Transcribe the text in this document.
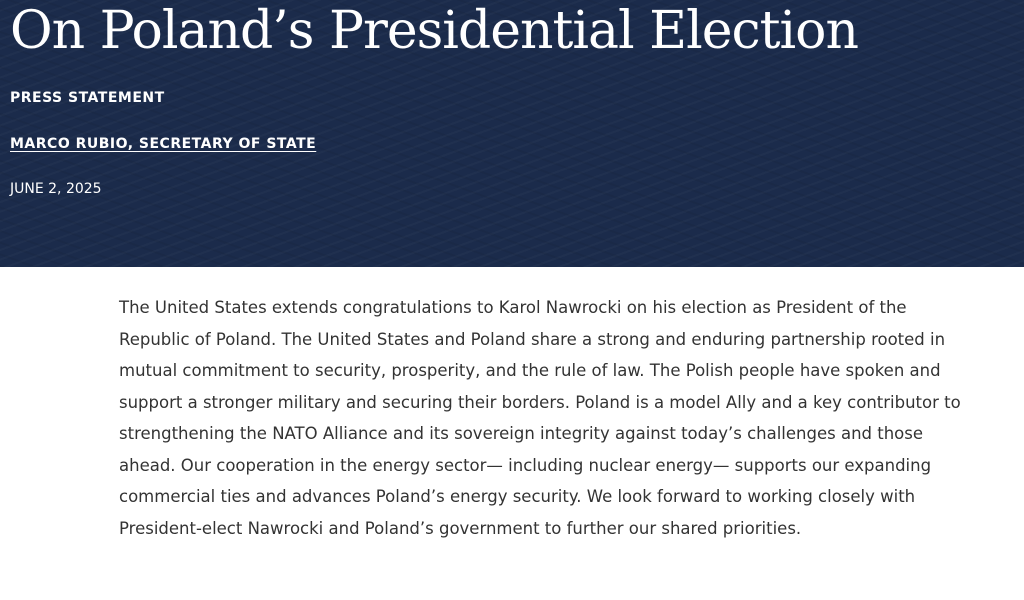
On Poland’s Presidential Election
PRESS STATEMENT
MARCO RUBIO, SECRETARY OF STATE
JUNE 2, 2025

The United States extends congratulations to Karol Nawrocki on his election as President of the Republic of Poland. The United States and Poland share a strong and enduring partnership rooted in mutual commitment to security, prosperity, and the rule of law. The Polish people have spoken and support a stronger military and securing their borders. Poland is a model Ally and a key contributor to strengthening the NATO Alliance and its sovereign integrity against today’s challenges and those ahead. Our cooperation in the energy sector— including nuclear energy— supports our expanding commercial ties and advances Poland’s energy security. We look forward to working closely with President-elect Nawrocki and Poland’s government to further our shared priorities.
